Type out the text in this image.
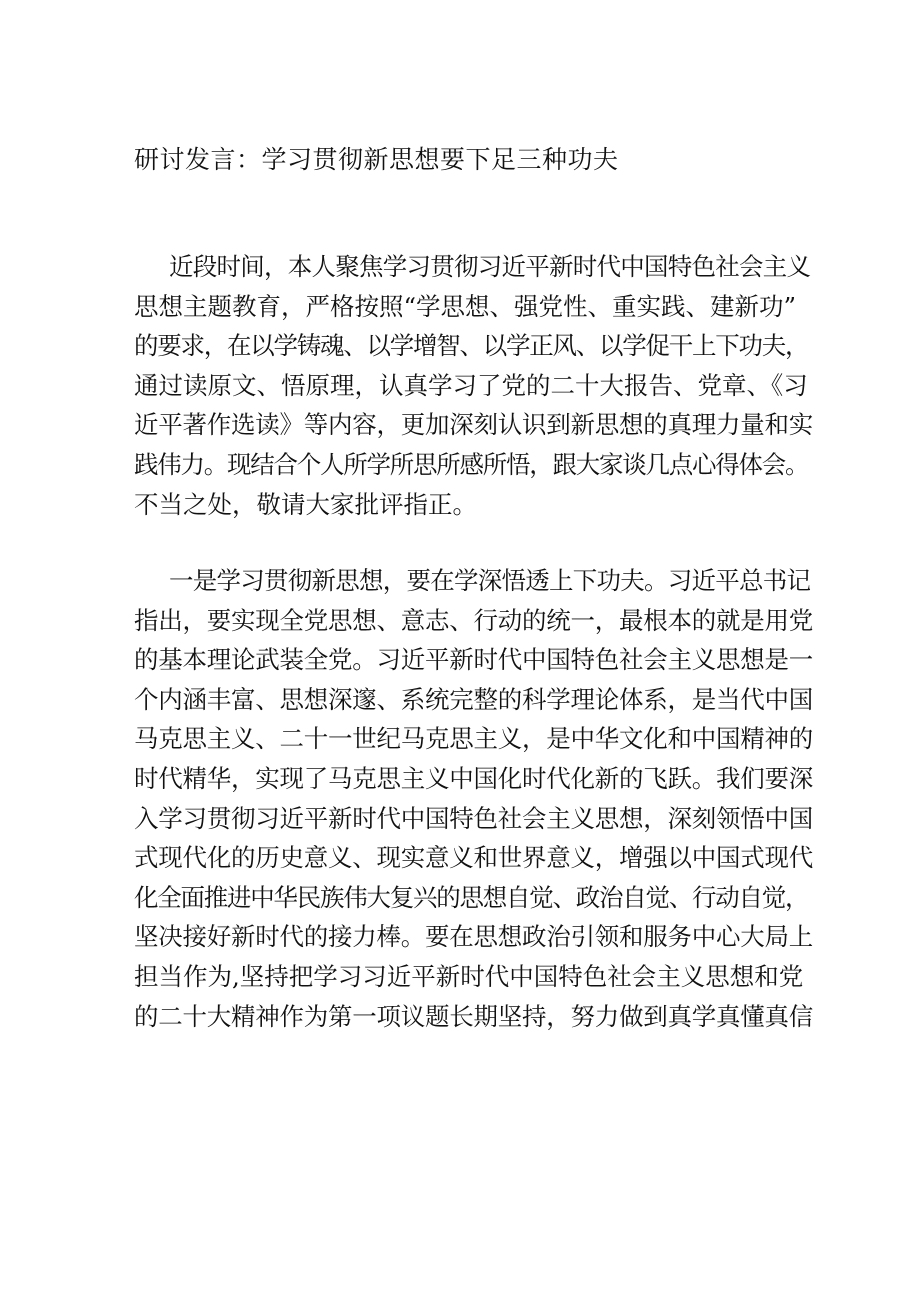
研讨发言：学习贯彻新思想要下足三种功夫

近段时间，本人聚焦学习贯彻习近平新时代中国特色社会主义
思想主题教育，严格按照“学思想、强党性、重实践、建新功”
的要求，在以学铸魂、以学增智、以学正风、以学促干上下功夫，
通过读原文、悟原理，认真学习了党的二十大报告、党章、《习
近平著作选读》等内容，更加深刻认识到新思想的真理力量和实
践伟力。现结合个人所学所思所感所悟，跟大家谈几点心得体会。
不当之处，敬请大家批评指正。

一是学习贯彻新思想，要在学深悟透上下功夫。习近平总书记
指出，要实现全党思想、意志、行动的统一，最根本的就是用党
的基本理论武装全党。习近平新时代中国特色社会主义思想是一
个内涵丰富、思想深邃、系统完整的科学理论体系，是当代中国
马克思主义、二十一世纪马克思主义，是中华文化和中国精神的
时代精华，实现了马克思主义中国化时代化新的飞跃。我们要深
入学习贯彻习近平新时代中国特色社会主义思想，深刻领悟中国
式现代化的历史意义、现实意义和世界意义，增强以中国式现代
化全面推进中华民族伟大复兴的思想自觉、政治自觉、行动自觉，
坚决接好新时代的接力棒。要在思想政治引领和服务中心大局上
担当作为,坚持把学习习近平新时代中国特色社会主义思想和党
的二十大精神作为第一项议题长期坚持，努力做到真学真懂真信
